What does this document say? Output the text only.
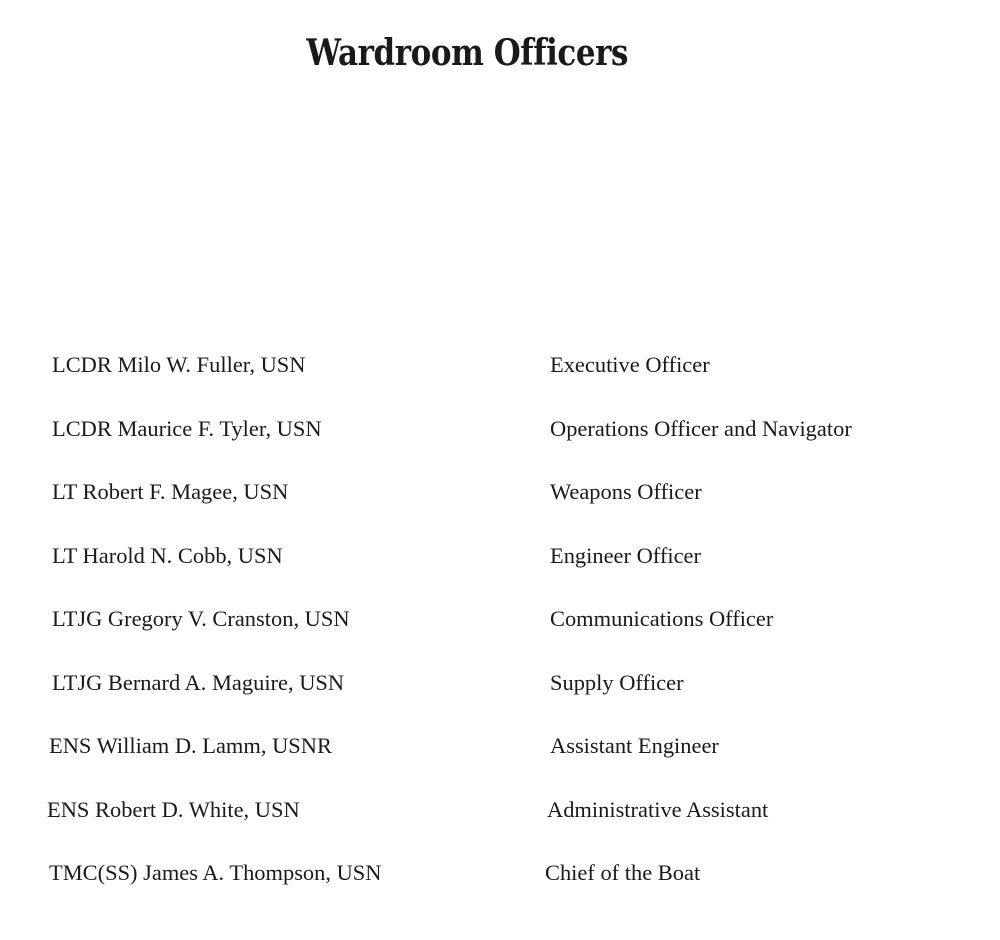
Wardroom Officers
LCDR Milo W. Fuller, USN	Executive Officer
LCDR Maurice F. Tyler, USN	Operations Officer and Navigator
LT Robert F. Magee, USN	Weapons Officer
LT Harold N. Cobb, USN	Engineer Officer
LTJG Gregory V. Cranston, USN	Communications Officer
LTJG Bernard A. Maguire, USN	Supply Officer
ENS William D. Lamm, USNR	Assistant Engineer
ENS Robert D. White, USN	Administrative Assistant
TMC(SS) James A. Thompson, USN	Chief of the Boat
